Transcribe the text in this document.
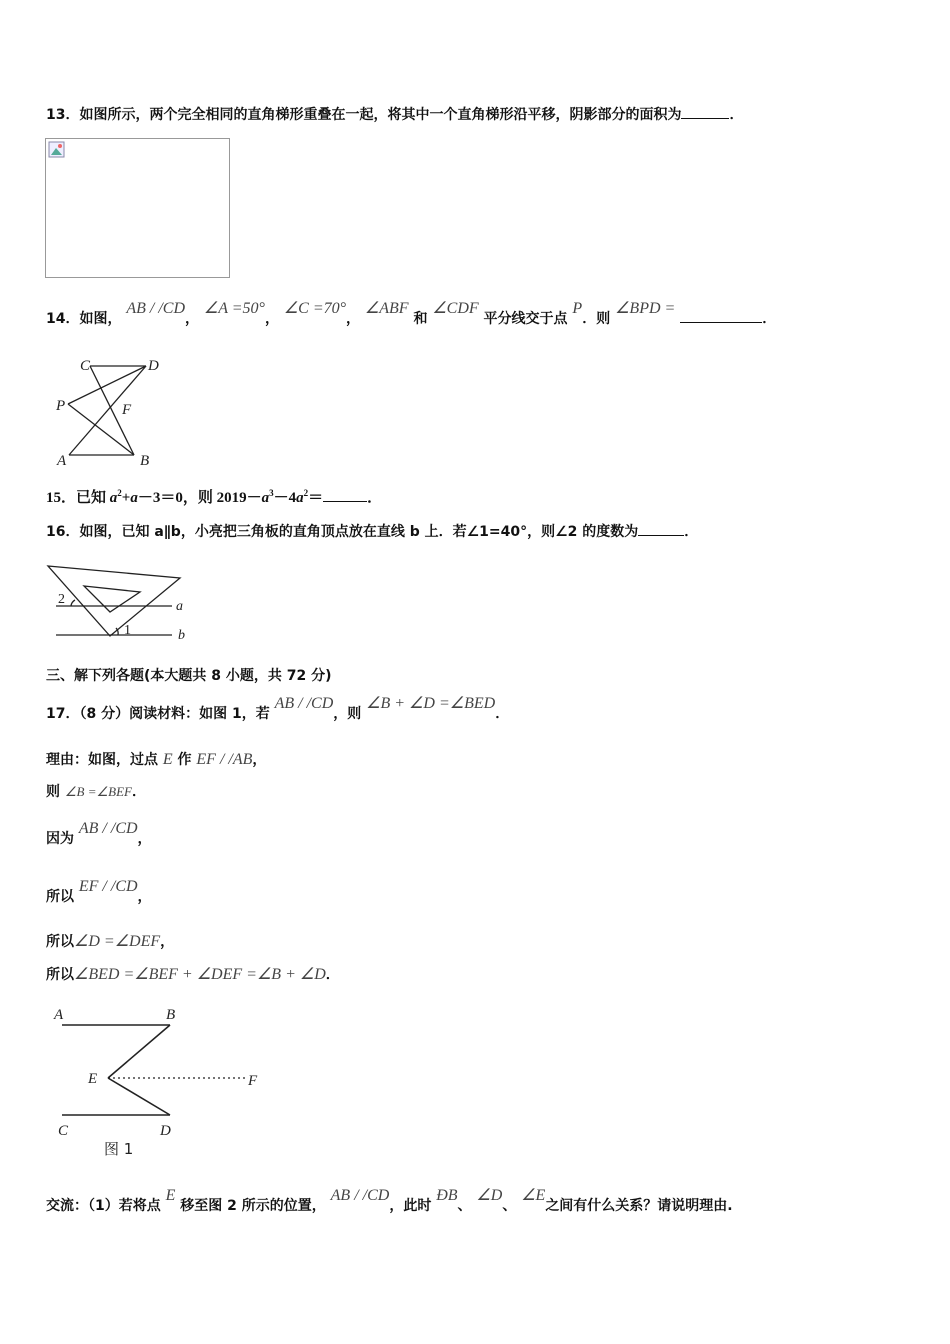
13．如图所示，两个完全相同的直角梯形重叠在一起，将其中一个直角梯形沿平移，阴影部分的面积为	．
14．如图， AB / /CD， ∠A =50°， ∠C =70°， ∠ABF 和 ∠CDF 平分线交于点 P．则 ∠BPD = ．
C	D
P	F
A	B
15．已知 $a^2+a-3=0$，则 $2019-a^3-4a^2=$	．
16．如图，已知 a∥b，小亮把三角板的直角顶点放在直线 b 上．若∠1=40°，则∠2 的度数为	．
2
1
a
b
三、解下列各题(本大题共 8 小题，共 72 分)
17．（8 分）阅读材料：如图 1，若 AB / /CD，则 ∠B + ∠D =∠BED．
理由：如图，过点 E 作 EF / /AB，
则 ∠B =∠BEF．
因为 AB / /CD，
所以 EF / /CD，
所以∠D =∠DEF，
所以∠BED =∠BEF + ∠DEF =∠B + ∠D．
A	B
E	F
C	D
图 1
交流：（1）若将点 E 移至图 2 所示的位置， AB / /CD，此时 ÐB、 ∠D、 ∠E之间有什么关系？请说明理由.
